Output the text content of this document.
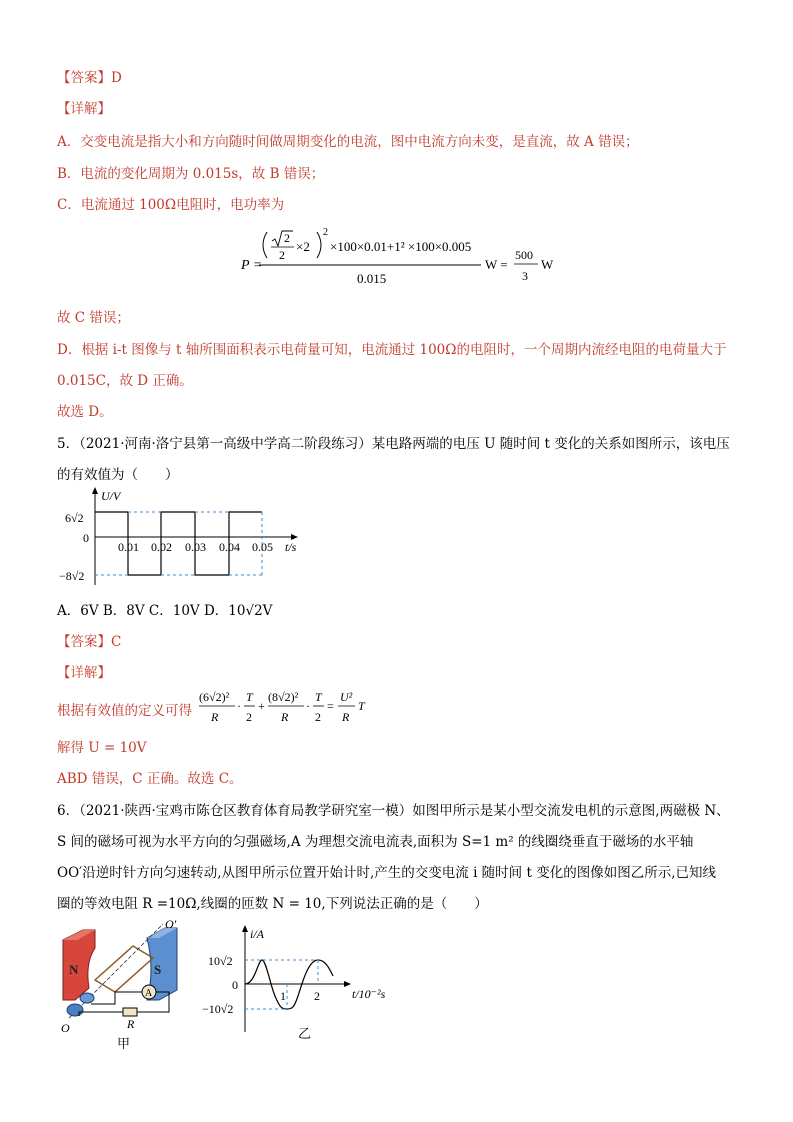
【答案】D
【详解】
A．交变电流是指大小和方向随时间做周期变化的电流，图中电流方向未变，是直流，故 A 错误；
B．电流的变化周期为 0.015s，故 B 错误；
C．电流通过 100Ω电阻时，电功率为
P =
2
2
×2
2
×100×0.01+1² ×100×0.005
0.015
W =
500
3
W
故 C 错误；
D．根据 i-t 图像与 t 轴所围面积表示电荷量可知，电流通过 100Ω的电阻时，一个周期内流经电阻的电荷量大于
0.015C，故 D 正确。
故选 D。
5．（2021·河南·洛宁县第一高级中学高二阶段练习）某电路两端的电压 U 随时间 t 变化的关系如图所示，该电压
的有效值为（　　）
U/V
t/s
6√2
−8√2
0
0.01 0.02 0.03 0.04 0.05
A．6V B．8V C．10V D．10√2V
【答案】C
【详解】
根据有效值的定义可得
(6√2)²
R
·
T
2
+
(8√2)²
R
·
T
2
=
U²
R
T
解得 U = 10V
ABD 错误，C 正确。故选 C。
6．（2021·陕西·宝鸡市陈仓区教育体育局教学研究室一模）如图甲所示是某小型交流发电机的示意图,两磁极 N、
S 间的磁场可视为水平方向的匀强磁场,A 为理想交流电流表,面积为 S=1 m² 的线圈绕垂直于磁场的水平轴
OO′沿逆时针方向匀速转动,从图甲所示位置开始计时,产生的交变电流 i 随时间 t 变化的图像如图乙所示,已知线
圈的等效电阻 R =10Ω,线圈的匝数 N = 10,下列说法正确的是（　　）
N	S
O′
O
A
R
甲
i/A
t/10⁻²s
10√2
−10√2
0
1 2
乙
